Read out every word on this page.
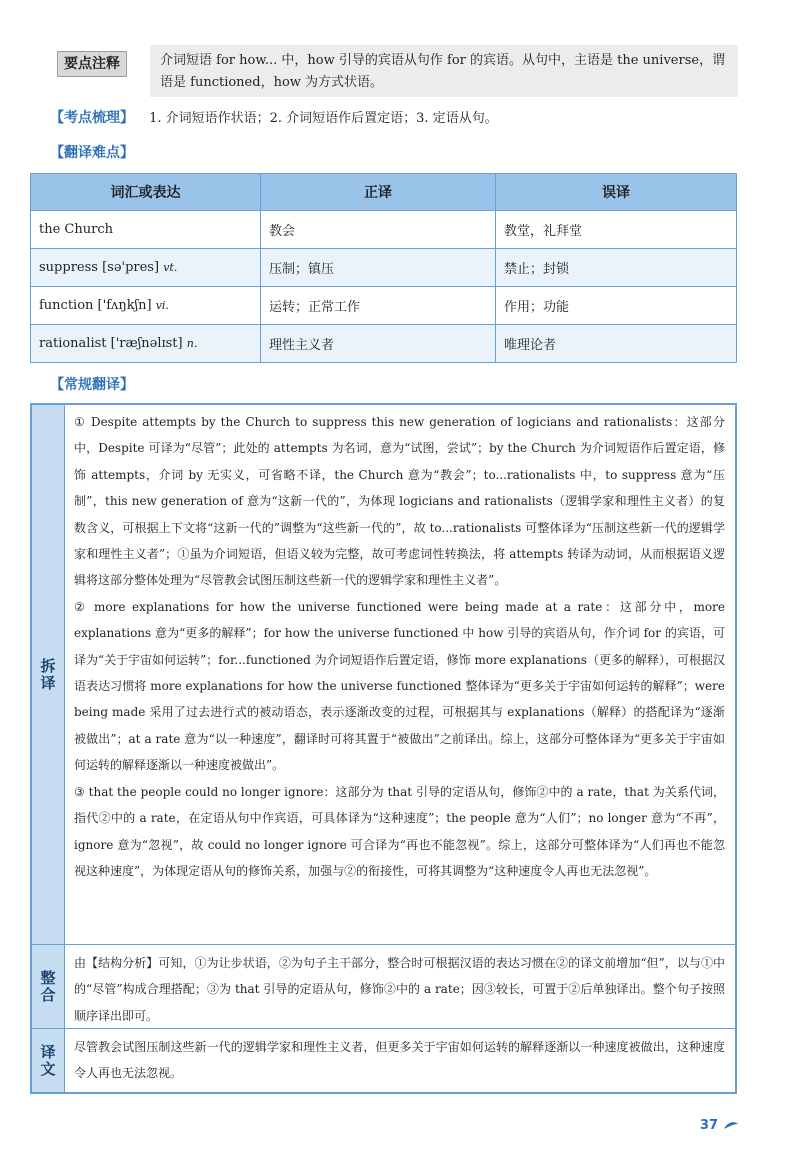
要点注释	介词短语 for how... 中，how 引导的宾语从句作 for 的宾语。从句中，主语是 the universe，谓语是 functioned，how 为方式状语。
【考点梳理】 1. 介词短语作状语；2. 介词短语作后置定语；3. 定语从句。
【翻译难点】
词汇或表达	正译	误译
the Church	教会	教堂，礼拜堂
suppress [sə'pres] vt.	压制；镇压	禁止；封锁
function ['fʌŋkʃn] vi.	运转；正常工作	作用；功能
rationalist ['ræʃnəlɪst] n.	理性主义者	唯理论者
【常规翻译】
拆译
① Despite attempts by the Church to suppress this new generation of logicians and rationalists：这部分中，Despite 可译为“尽管”；此处的 attempts 为名词，意为“试图，尝试”；by the Church 为介词短语作后置定语，修饰 attempts，介词 by 无实义，可省略不译，the Church 意为“教会”；to...rationalists 中，to suppress 意为“压制”，this new generation of 意为“这新一代的”，为体现 logicians and rationalists（逻辑学家和理性主义者）的复数含义，可根据上下文将“这新一代的”调整为“这些新一代的”，故 to...rationalists 可整体译为“压制这些新一代的逻辑学家和理性主义者”；①虽为介词短语，但语义较为完整，故可考虑词性转换法，将 attempts 转译为动词，从而根据语义逻辑将这部分整体处理为“尽管教会试图压制这些新一代的逻辑学家和理性主义者”。
② more explanations for how the universe functioned were being made at a rate：这部分中，more explanations 意为“更多的解释”；for how the universe functioned 中 how 引导的宾语从句，作介词 for 的宾语，可译为“关于宇宙如何运转”；for...functioned 为介词短语作后置定语，修饰 more explanations（更多的解释），可根据汉语表达习惯将 more explanations for how the universe functioned 整体译为“更多关于宇宙如何运转的解释”；were being made 采用了过去进行式的被动语态，表示逐渐改变的过程，可根据其与 explanations（解释）的搭配译为“逐渐被做出”；at a rate 意为“以一种速度”，翻译时可将其置于“被做出”之前译出。综上，这部分可整体译为“更多关于宇宙如何运转的解释逐渐以一种速度被做出”。
③ that the people could no longer ignore：这部分为 that 引导的定语从句，修饰②中的 a rate，that 为关系代词，指代②中的 a rate，在定语从句中作宾语，可具体译为“这种速度”；the people 意为“人们”；no longer 意为“不再”，ignore 意为“忽视”，故 could no longer ignore 可合译为“再也不能忽视”。综上，这部分可整体译为“人们再也不能忽视这种速度”，为体现定语从句的修饰关系，加强与②的衔接性，可将其调整为“这种速度令人再也无法忽视”。
整合
由【结构分析】可知，①为让步状语，②为句子主干部分，整合时可根据汉语的表达习惯在②的译文前增加“但”，以与①中的“尽管”构成合理搭配；③为 that 引导的定语从句，修饰②中的 a rate；因③较长，可置于②后单独译出。整个句子按照顺序译出即可。
译文	尽管教会试图压制这些新一代的逻辑学家和理性主义者，但更多关于宇宙如何运转的解释逐渐以一种速度被做出，这种速度令人再也无法忽视。
37
